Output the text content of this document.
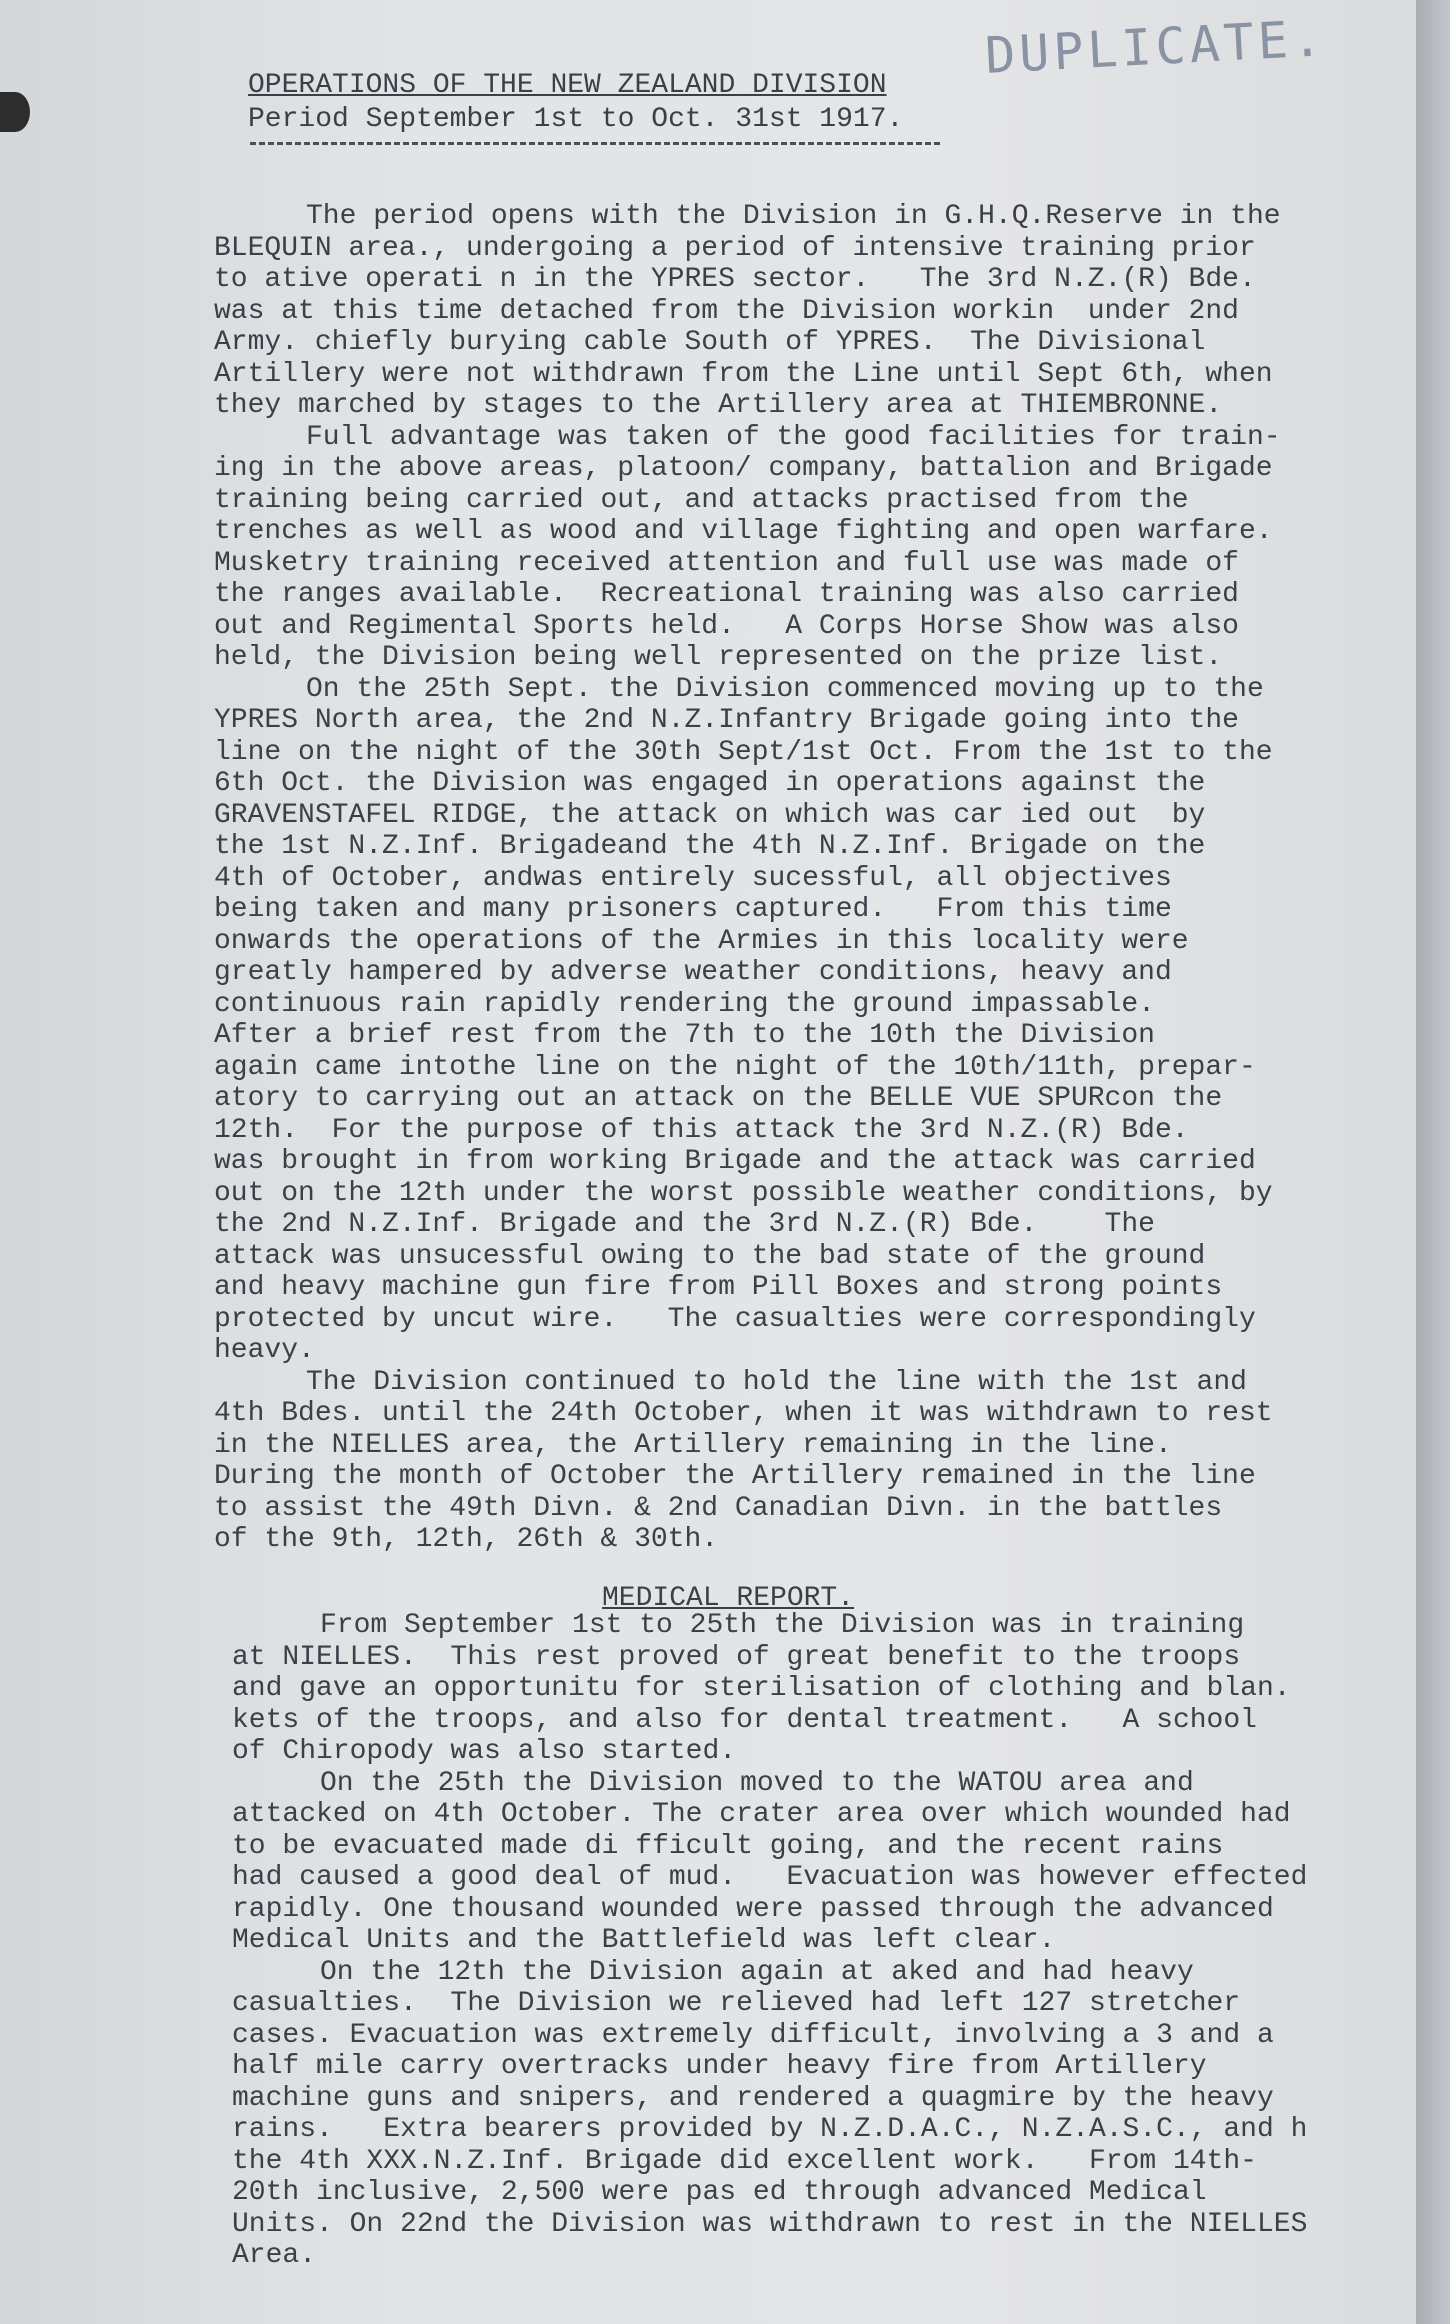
DUPLICATE.
OPERATIONS OF THE NEW ZEALAND DIVISION
Period September 1st to Oct. 31st 1917.
The period opens with the Division in G.H.Q.Reserve in the
BLEQUIN area., undergoing a period of intensive training prior
to ative operati n in the YPRES sector.   The 3rd N.Z.(R) Bde.
was at this time detached from the Division workin  under 2nd
Army. chiefly burying cable South of YPRES.  The Divisional
Artillery were not withdrawn from the Line until Sept 6th, when
they marched by stages to the Artillery area at THIEMBRONNE.
Full advantage was taken of the good facilities for train-
ing in the above areas, platoon/ company, battalion and Brigade
training being carried out, and attacks practised from the
trenches as well as wood and village fighting and open warfare.
Musketry training received attention and full use was made of
the ranges available.  Recreational training was also carried
out and Regimental Sports held.   A Corps Horse Show was also
held, the Division being well represented on the prize list.
On the 25th Sept. the Division commenced moving up to the
YPRES North area, the 2nd N.Z.Infantry Brigade going into the
line on the night of the 30th Sept/1st Oct. From the 1st to the
6th Oct. the Division was engaged in operations against the
GRAVENSTAFEL RIDGE, the attack on which was car ied out  by
the 1st N.Z.Inf. Brigadeand the 4th N.Z.Inf. Brigade on the
4th of October, andwas entirely sucessful, all objectives
being taken and many prisoners captured.   From this time
onwards the operations of the Armies in this locality were
greatly hampered by adverse weather conditions, heavy and
continuous rain rapidly rendering the ground impassable.
After a brief rest from the 7th to the 10th the Division
again came intothe line on the night of the 10th/11th, prepar-
atory to carrying out an attack on the BELLE VUE SPURcon the
12th.  For the purpose of this attack the 3rd N.Z.(R) Bde.
was brought in from working Brigade and the attack was carried
out on the 12th under the worst possible weather conditions, by
the 2nd N.Z.Inf. Brigade and the 3rd N.Z.(R) Bde.    The
attack was unsucessful owing to the bad state of the ground
and heavy machine gun fire from Pill Boxes and strong points
protected by uncut wire.   The casualties were correspondingly
heavy.
The Division continued to hold the line with the 1st and
4th Bdes. until the 24th October, when it was withdrawn to rest
in the NIELLES area, the Artillery remaining in the line.
During the month of October the Artillery remained in the line
to assist the 49th Divn. & 2nd Canadian Divn. in the battles
of the 9th, 12th, 26th & 30th.
MEDICAL REPORT.
From September 1st to 25th the Division was in training
at NIELLES.  This rest proved of great benefit to the troops
and gave an opportunitu for sterilisation of clothing and blan.
kets of the troops, and also for dental treatment.   A school
of Chiropody was also started.
On the 25th the Division moved to the WATOU area and
attacked on 4th October. The crater area over which wounded had
to be evacuated made di fficult going, and the recent rains
had caused a good deal of mud.   Evacuation was however effected
rapidly. One thousand wounded were passed through the advanced
Medical Units and the Battlefield was left clear.
On the 12th the Division again at aked and had heavy
casualties.  The Division we relieved had left 127 stretcher
cases. Evacuation was extremely difficult, involving a 3 and a
half mile carry overtracks under heavy fire from Artillery
machine guns and snipers, and rendered a quagmire by the heavy
rains.   Extra bearers provided by N.Z.D.A.C., N.Z.A.S.C., and h
the 4th XXX.N.Z.Inf. Brigade did excellent work.   From 14th-
20th inclusive, 2,500 were pas ed through advanced Medical
Units. On 22nd the Division was withdrawn to rest in the NIELLES
Area.
